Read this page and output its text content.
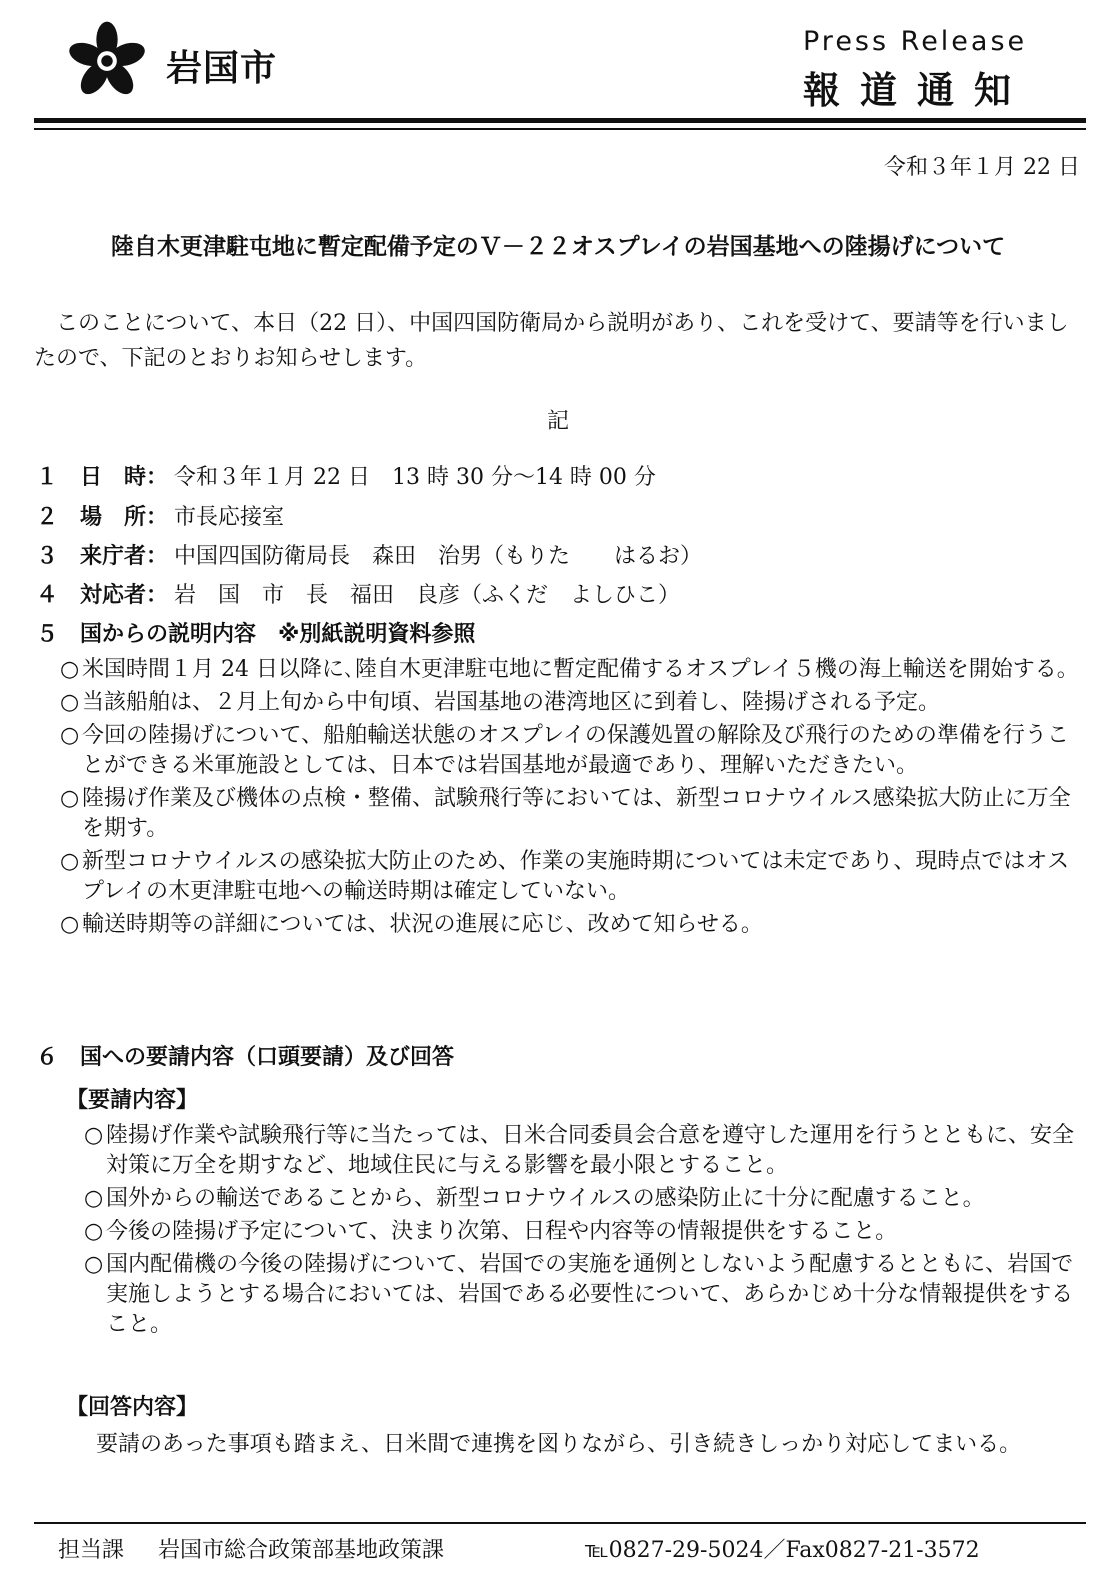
岩国市
Press Release
報道通知
令和３年１月 22 日
陸自木更津駐屯地に暫定配備予定のＶ－２２オスプレイの岩国基地への陸揚げについて
このことについて、本日（22 日）、中国四国防衛局から説明があり、これを受けて、要請等を行いましたので、下記のとおりお知らせします。
記
１ 日　時： 令和３年１月 22 日　13 時 30 分～14 時 00 分
２ 場　所： 市長応接室
３ 来庁者： 中国四国防衛局長　森田　治男（もりた　　はるお）
４ 対応者： 岩　国　市　長　福田　良彦（ふくだ　よしひこ）
５ 国からの説明内容　※別紙説明資料参照
○ 米国時間１月 24 日以降に､陸自木更津駐屯地に暫定配備するオスプレイ５機の海上輸送を開始する。
○ 当該船舶は、２月上旬から中旬頃、岩国基地の港湾地区に到着し、陸揚げされる予定。
○ 今回の陸揚げについて、船舶輸送状態のオスプレイの保護処置の解除及び飛行のための準備を行うことができる米軍施設としては、日本では岩国基地が最適であり、理解いただきたい。
○ 陸揚げ作業及び機体の点検・整備、試験飛行等においては、新型コロナウイルス感染拡大防止に万全を期す。
○ 新型コロナウイルスの感染拡大防止のため、作業の実施時期については未定であり、現時点ではオスプレイの木更津駐屯地への輸送時期は確定していない。
○ 輸送時期等の詳細については、状況の進展に応じ、改めて知らせる。
６ 国への要請内容（口頭要請）及び回答
【要請内容】
○ 陸揚げ作業や試験飛行等に当たっては、日米合同委員会合意を遵守した運用を行うとともに、安全対策に万全を期すなど、地域住民に与える影響を最小限とすること。
○ 国外からの輸送であることから、新型コロナウイルスの感染防止に十分に配慮すること。
○ 今後の陸揚げ予定について、決まり次第、日程や内容等の情報提供をすること。
○ 国内配備機の今後の陸揚げについて、岩国での実施を通例としないよう配慮するとともに、岩国で実施しようとする場合においては、岩国である必要性について、あらかじめ十分な情報提供をすること。
【回答内容】
要請のあった事項も踏まえ、日米間で連携を図りながら、引き続きしっかり対応してまいる。
担当課 岩国市総合政策部基地政策課	℡0827-29-5024／Fax0827-21-3572
